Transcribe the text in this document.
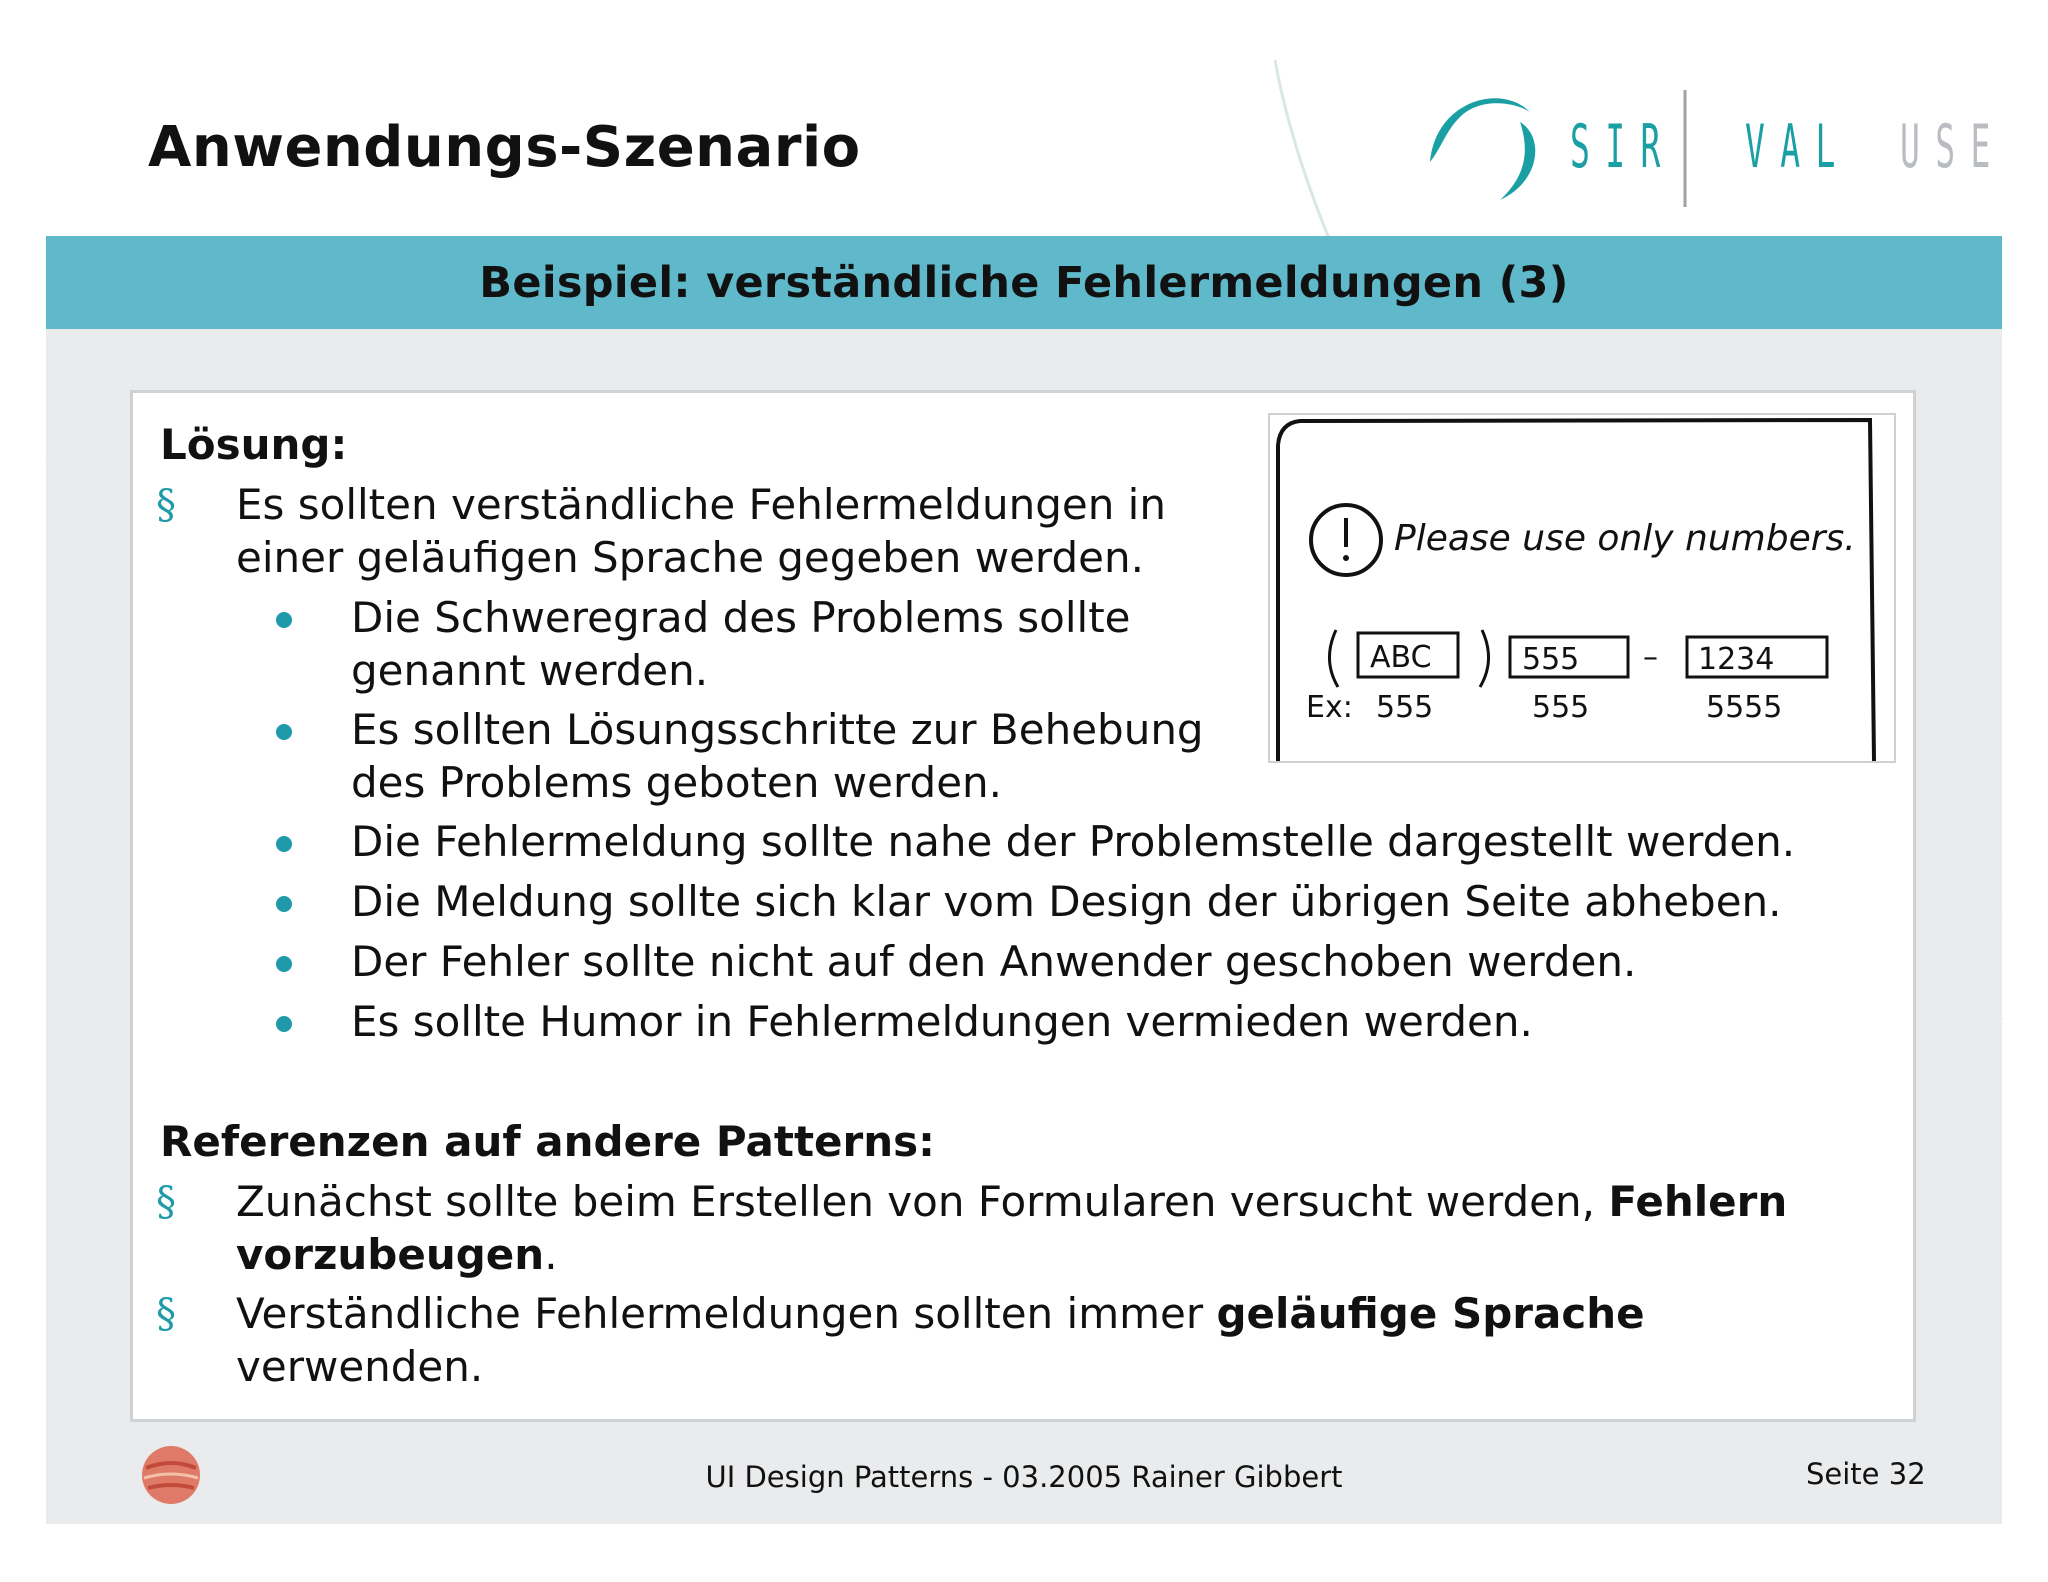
Anwendungs-Szenario	SIR VAL USE
Beispiel: verständliche Fehlermeldungen (3)
Please use only numbers.
ABC	555 – 1234
Ex: 555	555	5555
Lösung:
§ Es sollten verständliche Fehlermeldungen in
einer geläufigen Sprache gegeben werden.
Die Schweregrad des Problems sollte
genannt werden.
Es sollten Lösungsschritte zur Behebung
des Problems geboten werden.
Die Fehlermeldung sollte nahe der Problemstelle dargestellt werden.
Die Meldung sollte sich klar vom Design der übrigen Seite abheben.
Der Fehler sollte nicht auf den Anwender geschoben werden.
Es sollte Humor in Fehlermeldungen vermieden werden.
Referenzen auf andere Patterns:
§ Zunächst sollte beim Erstellen von Formularen versucht werden, Fehlern
vorzubeugen.
§ Verständliche Fehlermeldungen sollten immer geläufige Sprache
verwenden.
UI Design Patterns - 03.2005 Rainer Gibbert	Seite 32
